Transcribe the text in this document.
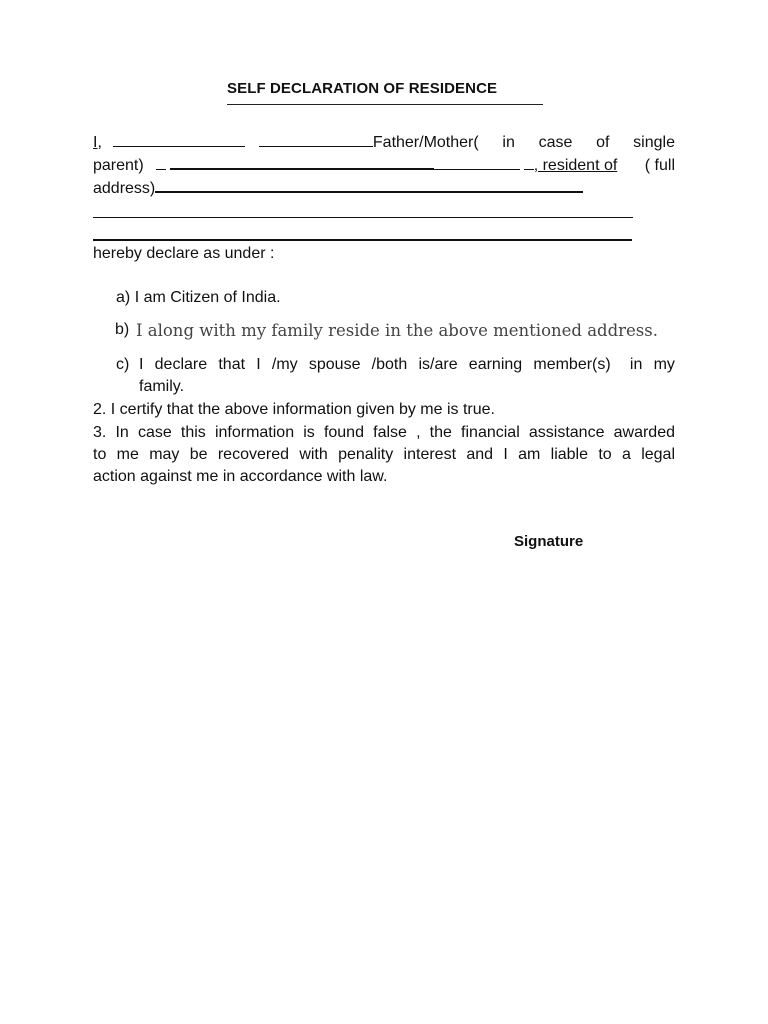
SELF DECLARATION OF RESIDENCE
I,	Father/Mother( in case of single
parent)	, resident of ( full
address)
hereby declare as under :
a) I am Citizen of India.
b) I along with my family reside in the above mentioned address.
c) I declare that I /my spouse /both is/are earning member(s) in my
family.
2. I certify that the above information given by me is true.
3. In case this information is found false , the financial assistance awarded
to me may be recovered with penality interest and I am liable to a legal
action against me in accordance with law.
Signature
